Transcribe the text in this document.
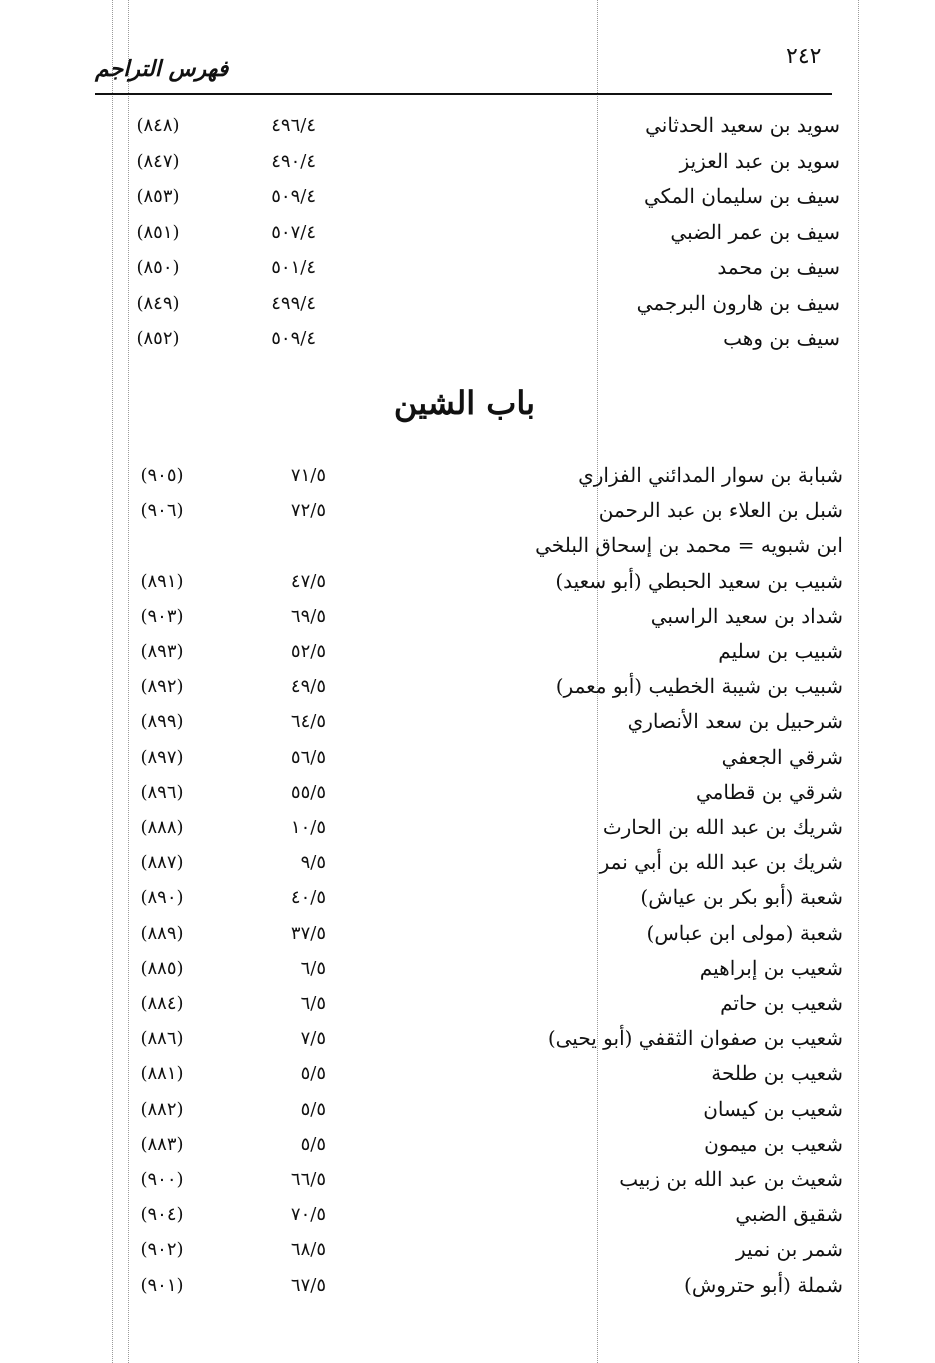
٢٤٢
فهرس التراجم
سويد بن سعيد الحدثاني
٤٩٦/٤
(٨٤٨)
سويد بن عبد العزيز
٤٩٠/٤
(٨٤٧)
سيف بن سليمان المكي
٥٠٩/٤
(٨٥٣)
سيف بن عمر الضبي
٥٠٧/٤
(٨٥١)
سيف بن محمد
٥٠١/٤
(٨٥٠)
سيف بن هارون البرجمي
٤٩٩/٤
(٨٤٩)
سيف بن وهب
٥٠٩/٤
(٨٥٢)
باب الشين
شبابة بن سوار المدائني الفزاري
٧١/٥
(٩٠٥)
شبل بن العلاء بن عبد الرحمن
٧٢/٥
(٩٠٦)
ابن شبويه = محمد بن إسحاق البلخي
شبيب بن سعيد الحبطي (أبو سعيد)
٤٧/٥
(٨٩١)
شداد بن سعيد الراسبي
٦٩/٥
(٩٠٣)
شبيب بن سليم
٥٢/٥
(٨٩٣)
شبيب بن شيبة الخطيب (أبو معمر)
٤٩/٥
(٨٩٢)
شرحبيل بن سعد الأنصاري
٦٤/٥
(٨٩٩)
شرقي الجعفي
٥٦/٥
(٨٩٧)
شرقي بن قطامي
٥٥/٥
(٨٩٦)
شريك بن عبد الله بن الحارث
١٠/٥
(٨٨٨)
شريك بن عبد الله بن أبي نمر
٩/٥
(٨٨٧)
شعبة (أبو بكر بن عياش)
٤٠/٥
(٨٩٠)
شعبة (مولى ابن عباس)
٣٧/٥
(٨٨٩)
شعيب بن إبراهيم
٦/٥
(٨٨٥)
شعيب بن حاتم
٦/٥
(٨٨٤)
شعيب بن صفوان الثقفي (أبو يحيى)
٧/٥
(٨٨٦)
شعيب بن طلحة
٥/٥
(٨٨١)
شعيب بن كيسان
٥/٥
(٨٨٢)
شعيب بن ميمون
٥/٥
(٨٨٣)
شعيث بن عبد الله بن زبيب
٦٦/٥
(٩٠٠)
شقيق الضبي
٧٠/٥
(٩٠٤)
شمر بن نمير
٦٨/٥
(٩٠٢)
شملة (أبو حتروش)
٦٧/٥
(٩٠١)
